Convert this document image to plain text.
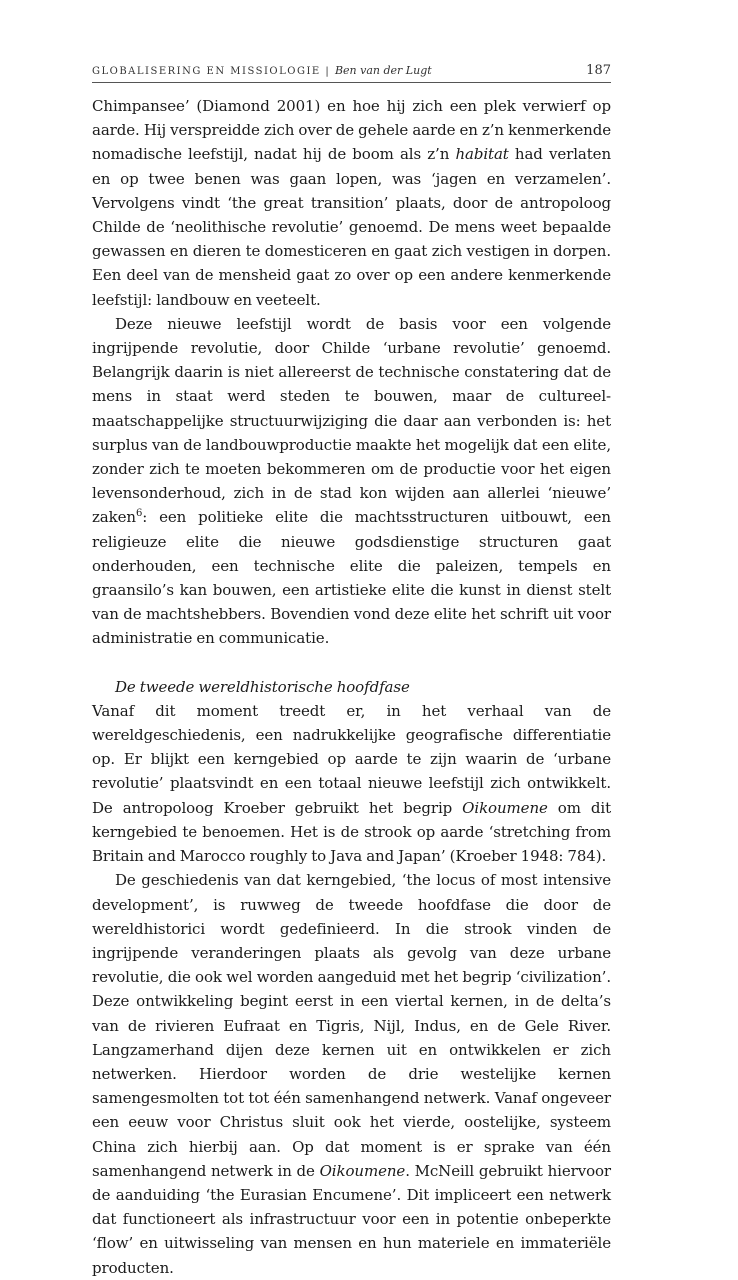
GLOBALISERING EN MISSIOLOGIE | Ben van der Lugt	187

Chimpansee’ (Diamond 2001) en hoe hij zich een plek verwierf op aarde. Hij verspreidde zich over de gehele aarde en z’n kenmerkende nomadische leefstijl, nadat hij de boom als z’n habitat had verlaten en op twee benen was gaan lopen, was ‘jagen en verzamelen’. Vervolgens vindt ‘the great transition’ plaats, door de antropoloog Childe de ‘neolithische revolutie’ genoemd. De mens weet bepaalde gewassen en dieren te domesticeren en gaat zich vestigen in dorpen. Een deel van de mensheid gaat zo over op een andere kenmerkende leefstijl: landbouw en veeteelt.

Deze nieuwe leefstijl wordt de basis voor een volgende ingrijpende revolutie, door Childe ‘urbane revolutie’ genoemd. Belangrijk daarin is niet allereerst de technische constatering dat de mens in staat werd steden te bouwen, maar de cultureel-maatschappelijke structuurwijziging die daar aan verbonden is: het surplus van de landbouwproductie maakte het mogelijk dat een elite, zonder zich te moeten bekommeren om de productie voor het eigen levensonderhoud, zich in de stad kon wijden aan allerlei ‘nieuwe’ zaken$^6$: een politieke elite die machtsstructuren uitbouwt, een religieuze elite die nieuwe godsdienstige structuren gaat onderhouden, een technische elite die paleizen, tempels en graansilo’s kan bouwen, een artistieke elite die kunst in dienst stelt van de machtshebbers. Bovendien vond deze elite het schrift uit voor administratie en communicatie.

De tweede wereldhistorische hoofdfase

Vanaf dit moment treedt er, in het verhaal van de wereldgeschiedenis, een nadrukkelijke geografische differentiatie op. Er blijkt een kerngebied op aarde te zijn waarin de ‘urbane revolutie’ plaatsvindt en een totaal nieuwe leefstijl zich ontwikkelt. De antropoloog Kroeber gebruikt het begrip Oikoumene om dit kerngebied te benoemen. Het is de strook op aarde ‘stretching from Britain and Marocco roughly to Java and Japan’ (Kroeber 1948: 784).

De geschiedenis van dat kerngebied, ‘the locus of most intensive development’, is ruwweg de tweede hoofdfase die door de wereldhistorici wordt gedefinieerd. In die strook vinden de ingrijpende veranderingen plaats als gevolg van deze urbane revolutie, die ook wel worden aangeduid met het begrip ‘civilization’. Deze ontwikkeling begint eerst in een viertal kernen, in de delta’s van de rivieren Eufraat en Tigris, Nijl, Indus, en de Gele River. Langzamerhand dijen deze kernen uit en ontwikkelen er zich netwerken. Hierdoor worden de drie westelijke kernen samengesmolten tot tot één samenhangend netwerk. Vanaf ongeveer een eeuw voor Christus sluit ook het vierde, oostelijke, systeem China zich hierbij aan. Op dat moment is er sprake van één samenhangend netwerk in de Oikoumene. McNeill gebruikt hiervoor de aanduiding ‘the Eurasian Encumene’. Dit impliceert een netwerk dat functioneert als infrastructuur voor een in potentie onbeperkte ‘flow’ en uitwisseling van mensen en hun materiele en immateriële producten.
